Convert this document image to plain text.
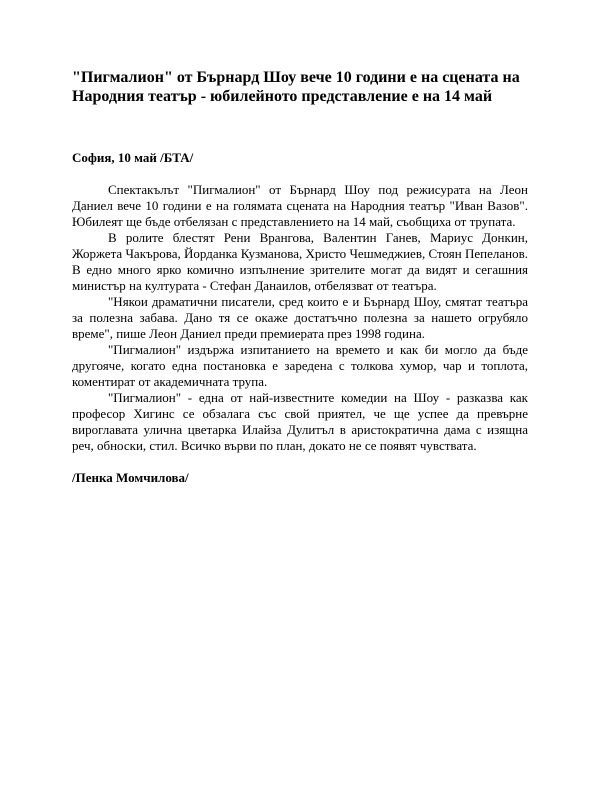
"Пигмалион" от Бърнард Шоу вече 10 години е на сцената на Народния театър - юбилейното представление е на 14 май

София, 10 май /БТА/

Спектакълът "Пигмалион" от Бърнард Шоу под режисурата на Леон Даниел вече 10 години е на голямата сцената на Народния театър "Иван Вазов". Юбилеят ще бъде отбелязан с представлението на 14 май, съобщиха от трупата.

В ролите блестят Рени Врангова, Валентин Ганев, Мариус Донкин, Жоржета Чакърова, Йорданка Кузманова, Христо Чешмеджиев, Стоян Пепеланов. В едно много ярко комично изпълнение зрителите могат да видят и сегашния министър на културата - Стефан Данаилов, отбелязват от театъра.

"Някои драматични писатели, сред които е и Бърнард Шоу, смятат театъра за полезна забава. Дано тя се окаже достатъчно полезна за нашето огрубяло време", пише Леон Даниел преди премиерата през 1998 година.

"Пигмалион" издържа изпитанието на времето и как би могло да бъде другояче, когато една постановка е заредена с толкова хумор, чар и топлота, коментират от академичната трупа.

"Пигмалион" - една от най-известните комедии на Шоу - разказва как професор Хигинс се обзалага със свой приятел, че ще успее да превърне вироглавата улична цветарка Илайза Дулитъл в аристократична дама с изящна реч, обноски, стил. Всичко върви по план, докато не се появят чувствата.

/Пенка Момчилова/
